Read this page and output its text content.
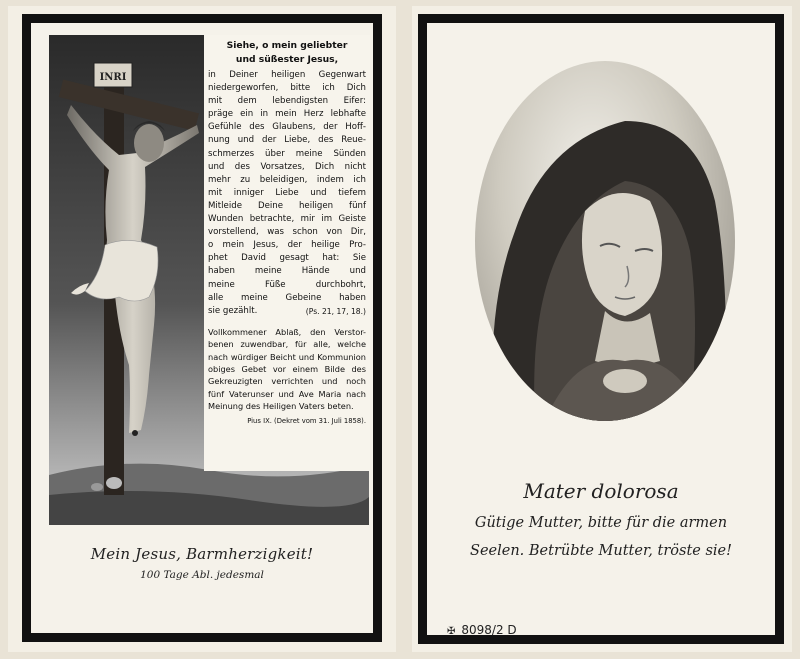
INRI
Siehe, o mein geliebter
und süßester Jesus,
in Deiner heiligen Gegenwart
niedergeworfen, bitte ich Dich
mit dem lebendigsten Eifer:
präge ein in mein Herz lebhafte
Gefühle des Glaubens, der Hoff-
nung und der Liebe, des Reue-
schmerzes über meine Sünden
und des Vorsatzes, Dich nicht
mehr zu beleidigen, indem ich
mit inniger Liebe und tiefem
Mitleide Deine heiligen fünf
Wunden betrachte, mir im Geiste
vorstellend, was schon von Dir,
o mein Jesus, der heilige Pro-
phet David gesagt hat: Sie
haben meine Hände und
meine Füße durchbohrt,
alle meine Gebeine haben
sie gezählt.	(Ps. 21, 17, 18.)
Vollkommener Ablaß, den Verstor-
benen zuwendbar, für alle, welche
nach würdiger Beicht und Kommunion
obiges Gebet vor einem Bilde des
Gekreuzigten verrichten und noch
fünf Vaterunser und Ave Maria nach
Meinung des Heiligen Vaters beten.
Pius IX. (Dekret vom 31. Juli 1858).
Mein Jesus, Barmherzigkeit!
100 Tage Abl. jedesmal
Mater dolorosa
Gütige Mutter, bitte für die armen
Seelen. Betrübte Mutter, tröste sie!
✠ 8098/2 D
